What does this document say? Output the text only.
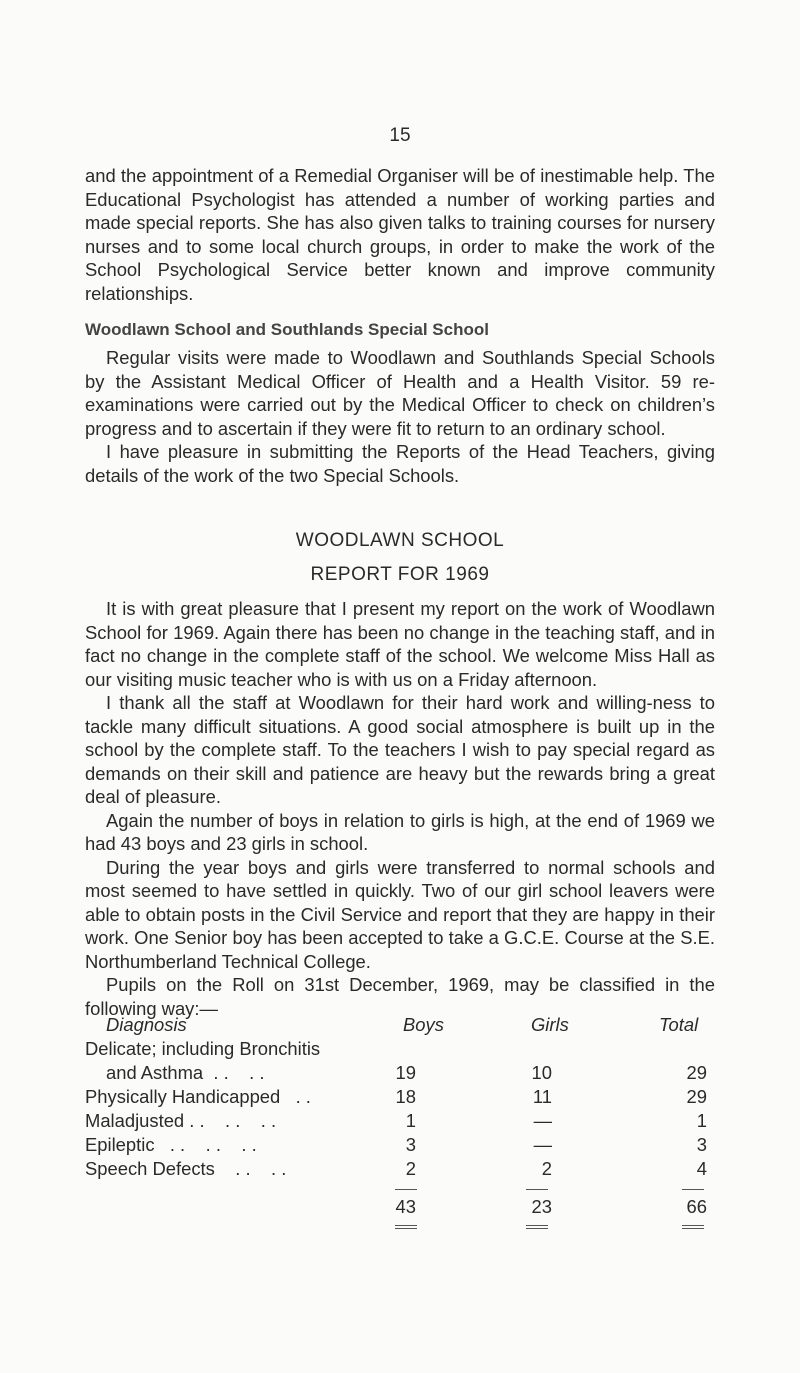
15

and the appointment of a Remedial Organiser will be of inestimable help. The Educational Psychologist has attended a number of working parties and made special reports. She has also given talks to training courses for nursery nurses and to some local church groups, in order to make the work of the School Psychological Service better known and improve community relationships.

Woodlawn School and Southlands Special School

Regular visits were made to Woodlawn and Southlands Special Schools by the Assistant Medical Officer of Health and a Health Visitor. 59 re-examinations were carried out by the Medical Officer to check on children’s progress and to ascertain if they were fit to return to an ordinary school.

I have pleasure in submitting the Reports of the Head Teachers, giving details of the work of the two Special Schools.

WOODLAWN SCHOOL
REPORT FOR 1969

It is with great pleasure that I present my report on the work of Woodlawn School for 1969. Again there has been no change in the teaching staff, and in fact no change in the complete staff of the school. We welcome Miss Hall as our visiting music teacher who is with us on a Friday afternoon.

I thank all the staff at Woodlawn for their hard work and willing-ness to tackle many difficult situations. A good social atmosphere is built up in the school by the complete staff. To the teachers I wish to pay special regard as demands on their skill and patience are heavy but the rewards bring a great deal of pleasure.

Again the number of boys in relation to girls is high, at the end of 1969 we had 43 boys and 23 girls in school.

During the year boys and girls were transferred to normal schools and most seemed to have settled in quickly. Two of our girl school leavers were able to obtain posts in the Civil Service and report that they are happy in their work. One Senior boy has been accepted to take a G.C.E. Course at the S.E. Northumberland Technical College.

Pupils on the Roll on 31st December, 1969, may be classified in the following way:—

Diagnosis	Boys	Girls	Total
Delicate; including Bronchitis
and Asthma  . .    . .	19	10	29
Physically Handicapped   . .	18	11	29
Maladjusted . .    . .    . .	1	—	1
Epileptic   . .    . .    . .	3	—	3
Speech Defects    . .    . .	2	2	4
43	23	66
